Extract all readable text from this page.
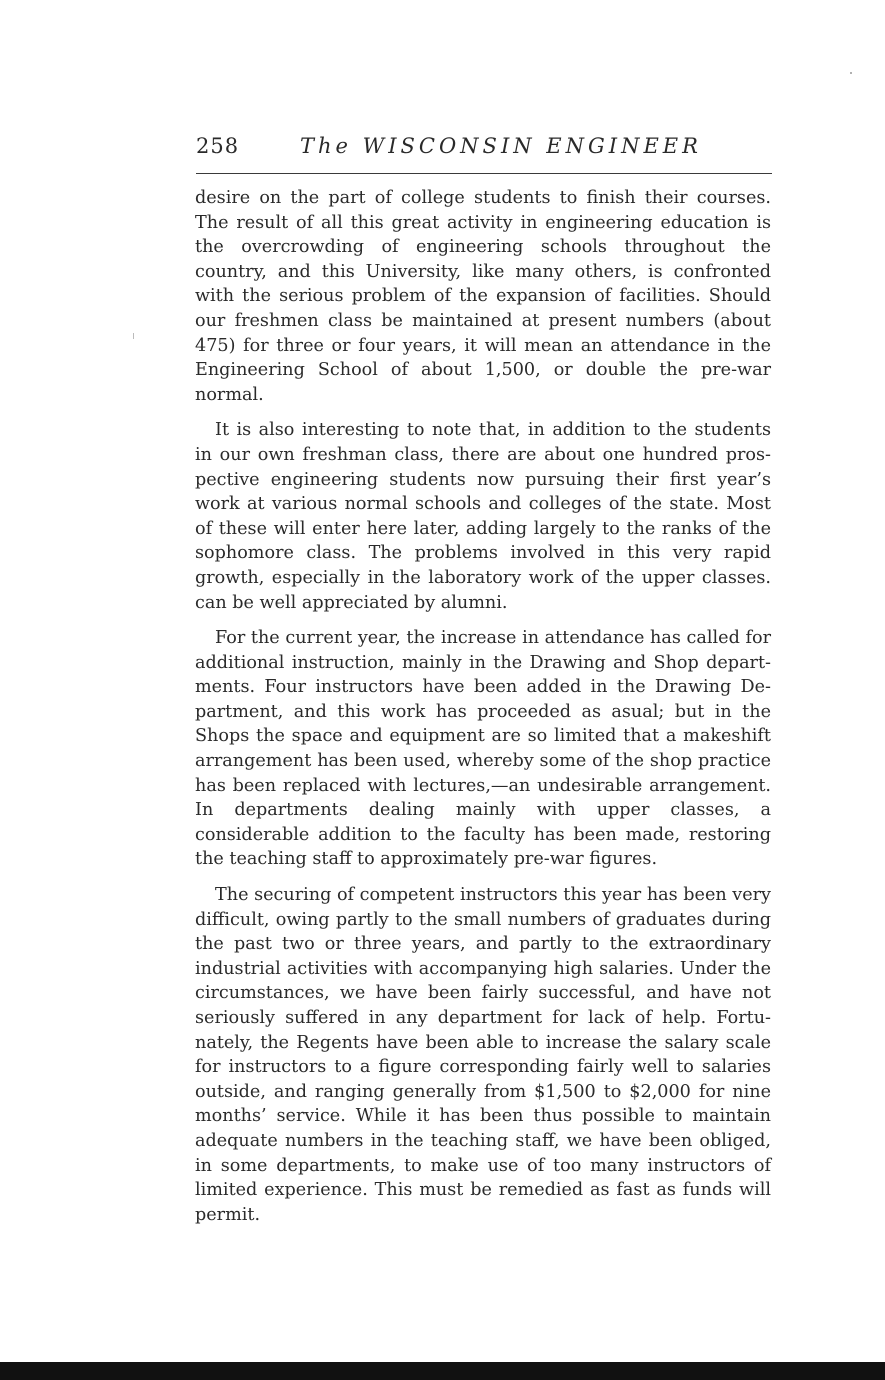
258	The WISCONSIN ENGINEER

desire on the part of college students to finish their courses. The result of all this great activity in engineering education is the overcrowding of engineering schools throughout the country, and this University, like many others, is confronted with the serious problem of the expansion of facilities. Should our freshmen class be maintained at present numbers (about 475) for three or four years, it will mean an attendance in the Engineering School of about 1,500, or double the pre-war normal.

It is also interesting to note that, in addition to the students in our own freshman class, there are about one hundred prospective engineering students now pursuing their first year’s work at various normal schools and colleges of the state. Most of these will enter here later, adding largely to the ranks of the sophomore class. The problems involved in this very rapid growth, especially in the laboratory work of the upper classes. can be well appreciated by alumni.

For the current year, the increase in attendance has called for additional instruction, mainly in the Drawing and Shop departments. Four instructors have been added in the Drawing Department, and this work has proceeded as asual; but in the Shops the space and equipment are so limited that a makeshift arrangement has been used, whereby some of the shop practice has been replaced with lectures,—an undesirable arrangement. In departments dealing mainly with upper classes, a considerable addition to the faculty has been made, restoring the teaching staff to approximately pre-war figures.

The securing of competent instructors this year has been very difficult, owing partly to the small numbers of graduates during the past two or three years, and partly to the extraordinary industrial activities with accompanying high salaries. Under the circumstances, we have been fairly successful, and have not seriously suffered in any department for lack of help. Fortunately, the Regents have been able to increase the salary scale for instructors to a figure corresponding fairly well to salaries outside, and ranging generally from $1,500 to $2,000 for nine months’ service. While it has been thus possible to maintain adequate numbers in the teaching staff, we have been obliged, in some departments, to make use of too many instructors of limited experience. This must be remedied as fast as funds will permit.
